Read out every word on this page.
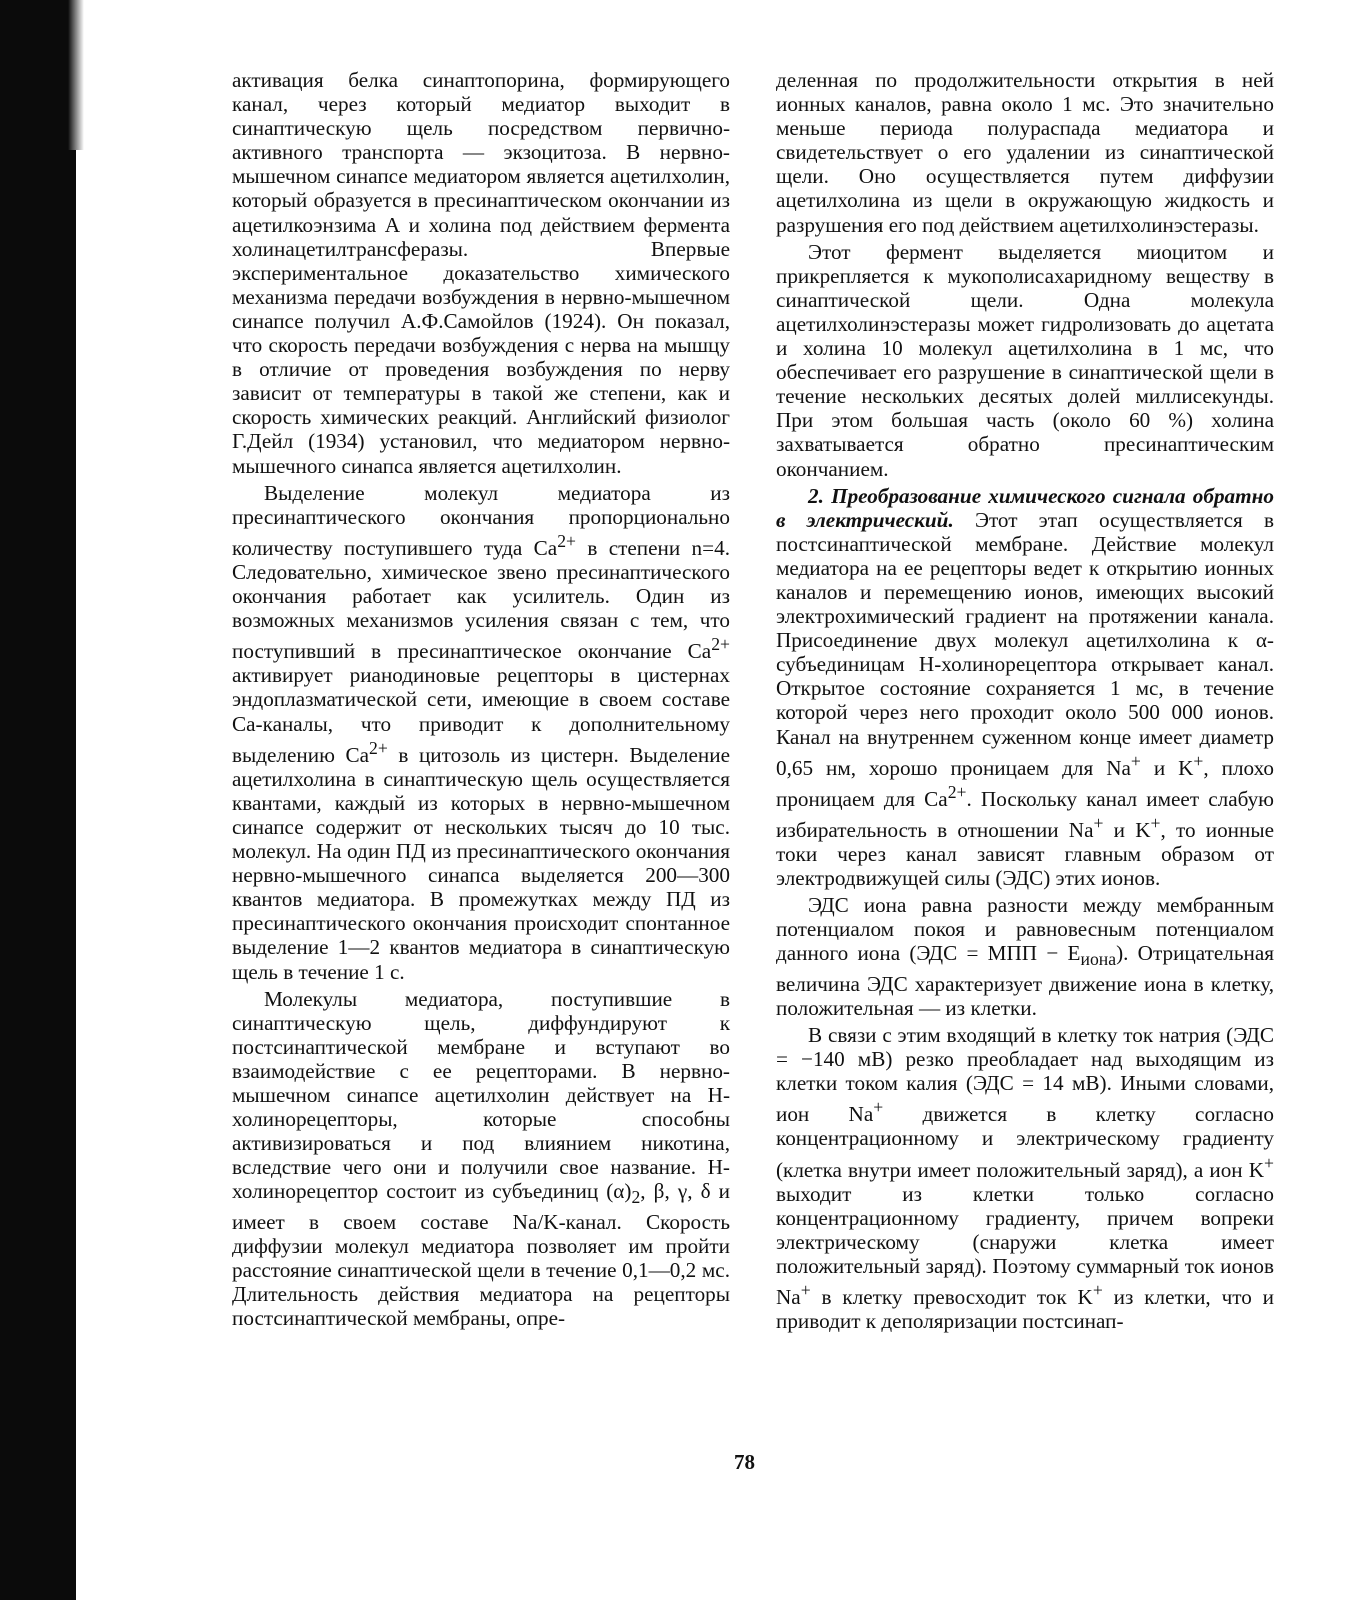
активация белка синаптопорина, формирующего канал, через который медиатор выходит в синаптическую щель посредством первично-активного транспорта — экзоцитоза. В нервно-мышечном синапсе медиатором является ацетилхолин, который образуется в пресинаптическом окончании из ацетилкоэнзима А и холина под действием фермента холинацетилтрансферазы. Впервые экспериментальное доказательство химического механизма передачи возбуждения в нервно-мышечном синапсе получил А.Ф.Самойлов (1924). Он показал, что скорость передачи возбуждения с нерва на мышцу в отличие от проведения возбуждения по нерву зависит от температуры в такой же степени, как и скорость химических реакций. Английский физиолог Г.Дейл (1934) установил, что медиатором нервно-мышечного синапса является ацетилхолин.

Выделение молекул медиатора из пресинаптического окончания пропорционально количеству поступившего туда $Са^{2+}$ в степени n=4. Следовательно, химическое звено пресинаптического окончания работает как усилитель. Один из возможных механизмов усиления связан с тем, что поступивший в пресинаптическое окончание $Са^{2+}$ активирует рианодиновые рецепторы в цистернах эндоплазматической сети, имеющие в своем составе Са-каналы, что приводит к дополнительному выделению $Са^{2+}$ в цитозоль из цистерн. Выделение ацетилхолина в синаптическую щель осуществляется квантами, каждый из которых в нервно-мышечном синапсе содержит от нескольких тысяч до 10 тыс. молекул. На один ПД из пресинаптического окончания нервно-мышечного синапса выделяется 200—300 квантов медиатора. В промежутках между ПД из пресинаптического окончания происходит спонтанное выделение 1—2 квантов медиатора в синаптическую щель в течение 1 с.

Молекулы медиатора, поступившие в синаптическую щель, диффундируют к постсинаптической мембране и вступают во взаимодействие с ее рецепторами. В нервно-мышечном синапсе ацетилхолин действует на Н-холинорецепторы, которые способны активизироваться и под влиянием никотина, вследствие чего они и получили свое название. Н-холинорецептор состоит из субъединиц $(\alpha)_2$, β, γ, δ и имеет в своем составе Na/K-канал. Скорость диффузии молекул медиатора позволяет им пройти расстояние синаптической щели в течение 0,1—0,2 мс. Длительность действия медиатора на рецепторы постсинаптической мембраны, опре-

деленная по продолжительности открытия в ней ионных каналов, равна около 1 мс. Это значительно меньше периода полураспада медиатора и свидетельствует о его удалении из синаптической щели. Оно осуществляется путем диффузии ацетилхолина из щели в окружающую жидкость и разрушения его под действием ацетилхолинэстеразы.

Этот фермент выделяется миоцитом и прикрепляется к мукополисахаридному веществу в синаптической щели. Одна молекула ацетилхолинэстеразы может гидролизовать до ацетата и холина 10 молекул ацетилхолина в 1 мс, что обеспечивает его разрушение в синаптической щели в течение нескольких десятых долей миллисекунды. При этом большая часть (около 60 %) холина захватывается обратно пресинаптическим окончанием.

2. Преобразование химического сигнала обратно в электрический. Этот этап осуществляется в постсинаптической мембране. Действие молекул медиатора на ее рецепторы ведет к открытию ионных каналов и перемещению ионов, имеющих высокий электрохимический градиент на протяжении канала. Присоединение двух молекул ацетилхолина к α-субъединицам Н-холинорецептора открывает канал. Открытое состояние сохраняется 1 мс, в течение которой через него проходит около 500 000 ионов. Канал на внутреннем суженном конце имеет диаметр 0,65 нм, хорошо проницаем для Na+ и K+, плохо проницаем для $Са^{2+}$. Поскольку канал имеет слабую избирательность в отношении Na+ и K+, то ионные токи через канал зависят главным образом от электродвижущей силы (ЭДС) этих ионов.

ЭДС иона равна разности между мембранным потенциалом покоя и равновесным потенциалом данного иона (ЭДС = МПП − $Е_{иона}$). Отрицательная величина ЭДС характеризует движение иона в клетку, положительная — из клетки.

В связи с этим входящий в клетку ток натрия (ЭДС = −140 мВ) резко преобладает над выходящим из клетки током калия (ЭДС = 14 мВ). Иными словами, ион Na+ движется в клетку согласно концентрационному и электрическому градиенту (клетка внутри имеет положительный заряд), а ион K+ выходит из клетки только согласно концентрационному градиенту, причем вопреки электрическому (снаружи клетка имеет положительный заряд). Поэтому суммарный ток ионов Na+ в клетку превосходит ток K+ из клетки, что и приводит к деполяризации постсинап-

78
